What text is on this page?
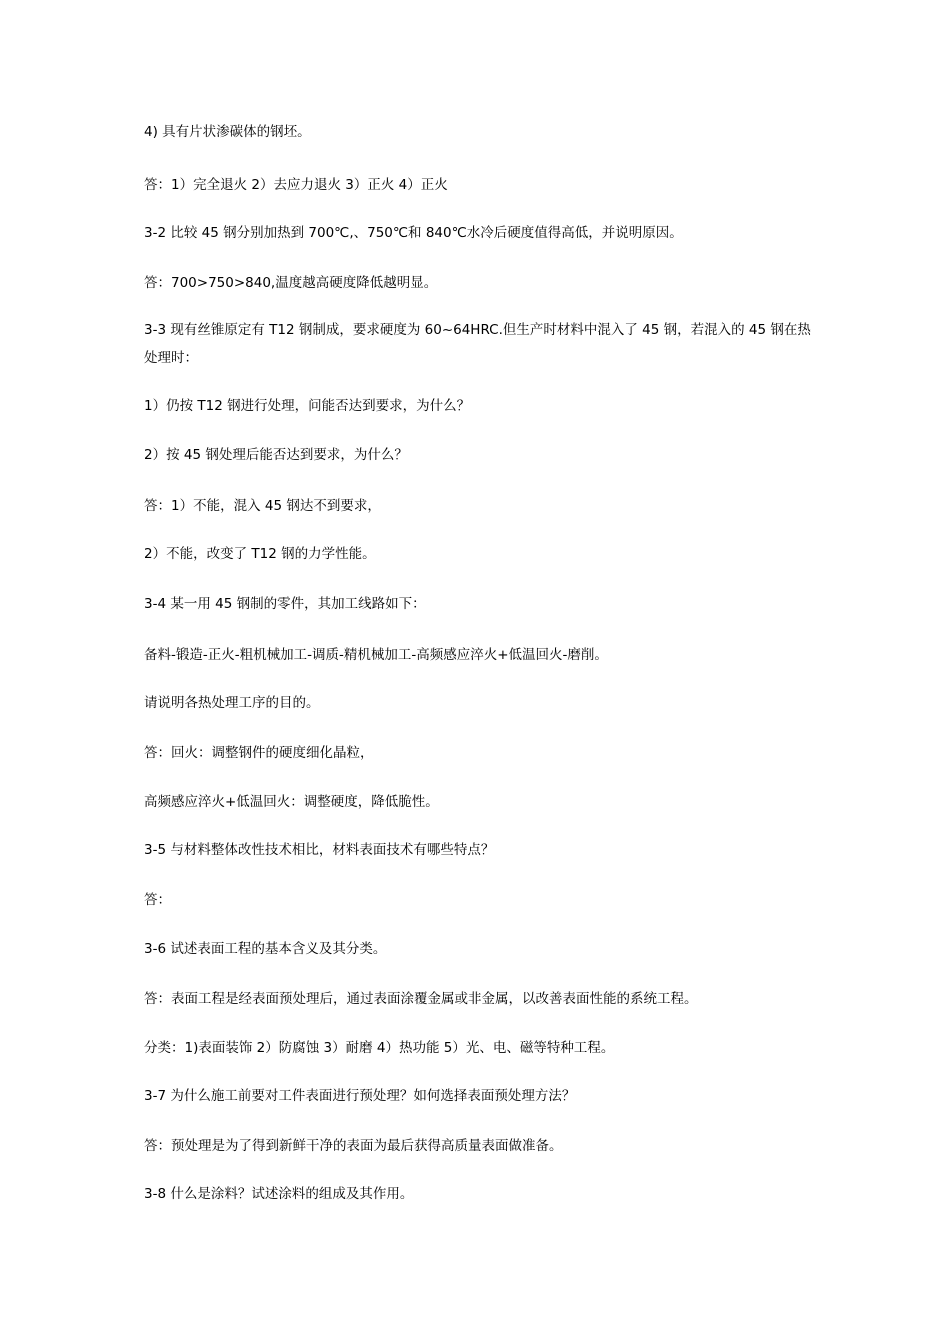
4) 具有片状渗碳体的钢坯。
答：1）完全退火 2）去应力退火 3）正火 4）正火
3-2 比较 45 钢分别加热到 700℃,、750℃和 840℃水冷后硬度值得高低，并说明原因。
答：700>750>840,温度越高硬度降低越明显。
3-3 现有丝锥原定有 T12 钢制成，要求硬度为 60~64HRC.但生产时材料中混入了 45 钢，若混入的 45 钢在热处理时：
1）仍按 T12 钢进行处理，问能否达到要求，为什么？
2）按 45 钢处理后能否达到要求，为什么？
答：1）不能，混入 45 钢达不到要求，
2）不能，改变了 T12 钢的力学性能。
3-4 某一用 45 钢制的零件，其加工线路如下：
备料-锻造-正火-粗机械加工-调质-精机械加工-高频感应淬火+低温回火-磨削。
请说明各热处理工序的目的。
答：回火：调整钢件的硬度细化晶粒，
高频感应淬火+低温回火：调整硬度，降低脆性。
3-5 与材料整体改性技术相比，材料表面技术有哪些特点？
答：
3-6 试述表面工程的基本含义及其分类。
答：表面工程是经表面预处理后，通过表面涂覆金属或非金属，以改善表面性能的系统工程。
分类：1)表面装饰 2）防腐蚀 3）耐磨 4）热功能 5）光、电、磁等特种工程。
3-7 为什么施工前要对工件表面进行预处理？如何选择表面预处理方法？
答：预处理是为了得到新鲜干净的表面为最后获得高质量表面做准备。
3-8 什么是涂料？试述涂料的组成及其作用。
